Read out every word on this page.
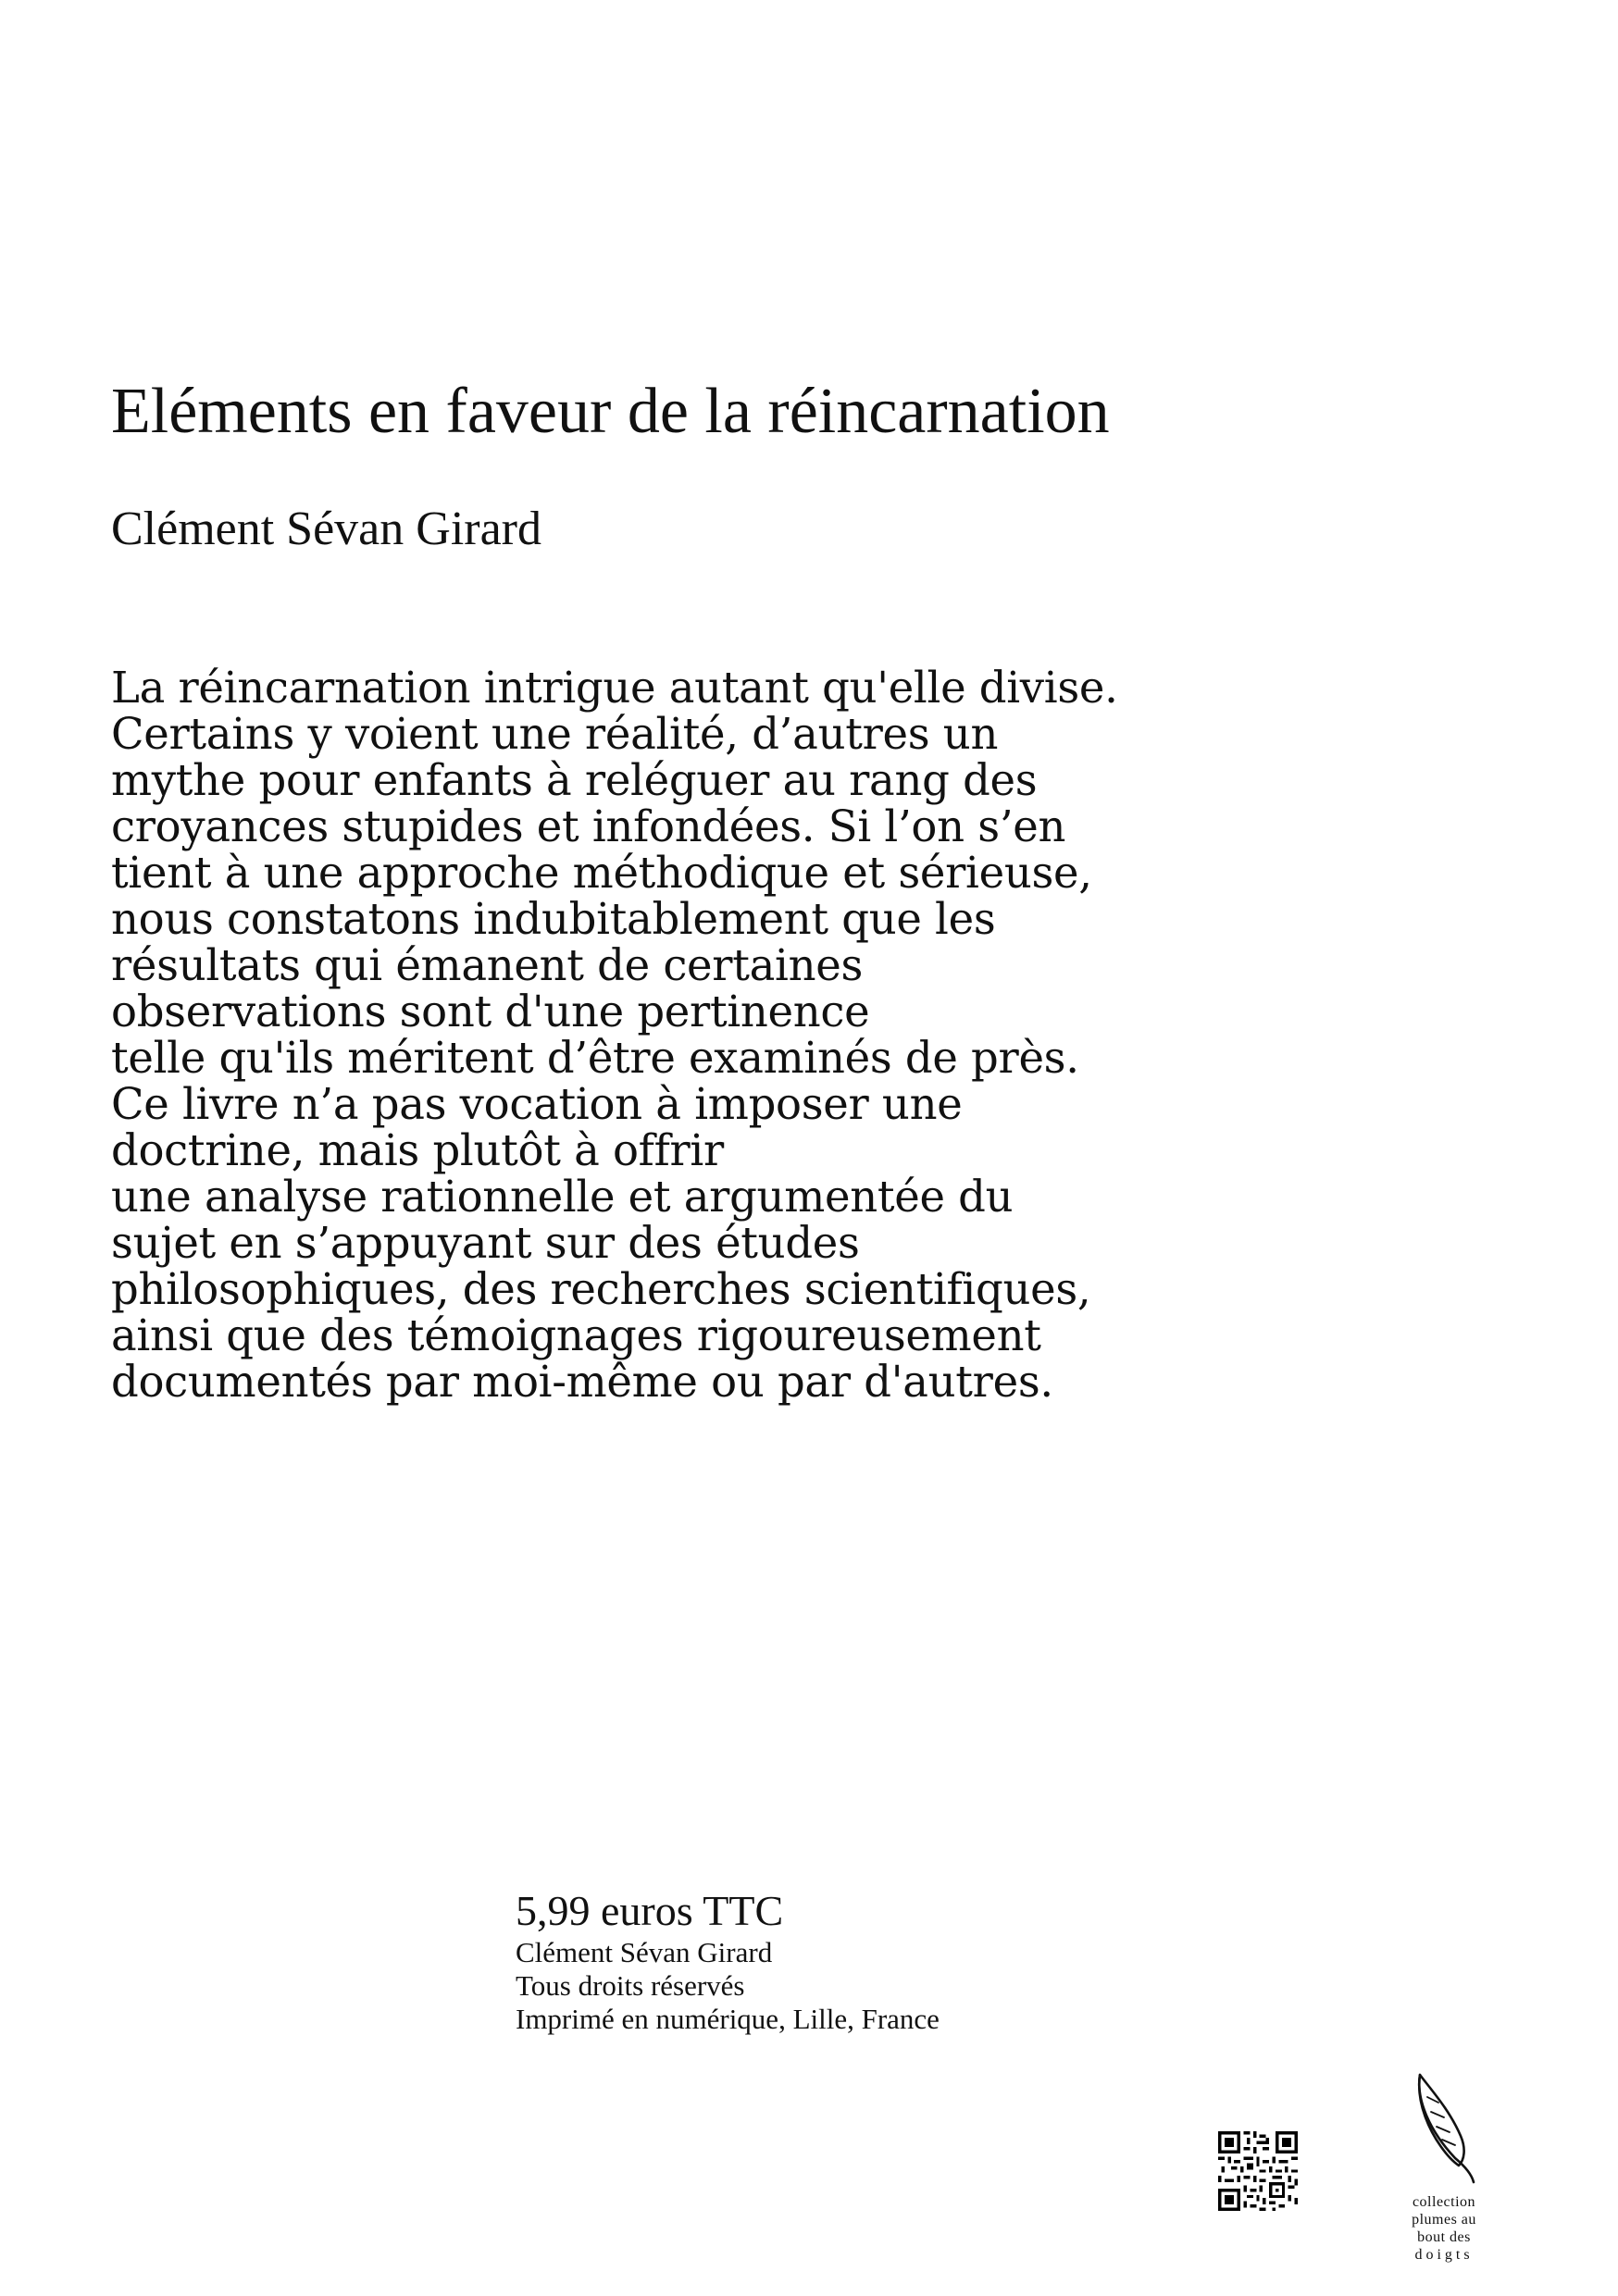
Eléments en faveur de la réincarnation
Clément Sévan Girard
La réincarnation intrigue autant qu'elle divise.
Certains y voient une réalité, d’autres un
mythe pour enfants à reléguer au rang des
croyances stupides et infondées. Si l’on s’en
tient à une approche méthodique et sérieuse,
nous constatons indubitablement que les
résultats qui émanent de certaines
observations sont d'une pertinence
telle qu'ils méritent d’être examinés de près.
Ce livre n’a pas vocation à imposer une
doctrine, mais plutôt à offrir
une analyse rationnelle et argumentée du
sujet en s’appuyant sur des études
philosophiques, des recherches scientifiques,
ainsi que des témoignages rigoureusement
documentés par moi-même ou par d'autres.
5,99 euros TTC
Clément Sévan Girard
Tous droits réservés
Imprimé en numérique, Lille, France
collection
plumes au
bout des
doigts
